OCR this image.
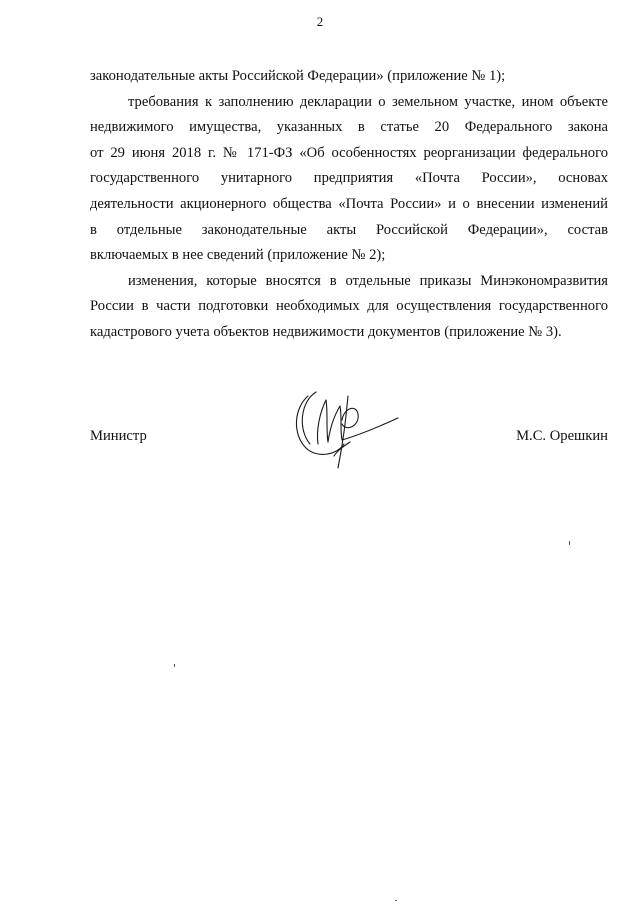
2
законодательные акты Российской Федерации» (приложение № 1);
требования к заполнению декларации о земельном участке, ином объекте
недвижимого имущества, указанных в статье 20 Федерального закона
от 29 июня 2018 г. № 171-ФЗ «Об особенностях реорганизации федерального
государственного унитарного предприятия «Почта России», основах
деятельности акционерного общества «Почта России» и о внесении изменений
в отдельные законодательные акты Российской Федерации», состав
включаемых в нее сведений (приложение № 2);
изменения, которые вносятся в отдельные приказы Минэкономразвития
России в части подготовки необходимых для осуществления государственного
кадастрового учета объектов недвижимости документов (приложение № 3).
Министр	М.С. Орешкин
